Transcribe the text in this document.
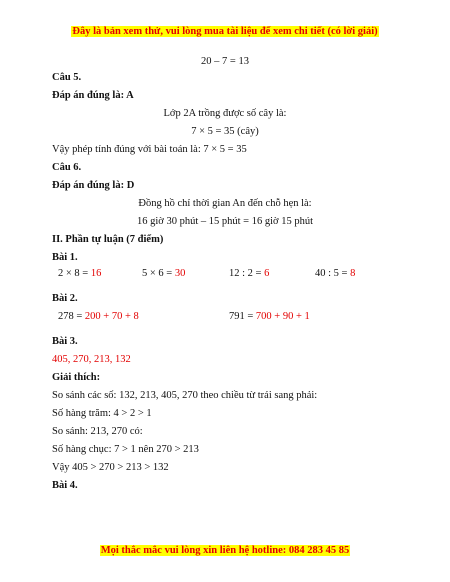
Đây là bản xem thử, vui lòng mua tài liệu để xem chi tiết (có lời giải)
20 – 7 = 13
Câu 5.
Đáp án đúng là: A
Lớp 2A trồng được số cây là:
7 × 5 = 35 (cây)
Vậy phép tính đúng với bài toán là: 7 × 5 = 35
Câu 6.
Đáp án đúng là: D
Đồng hồ chỉ thời gian An đến chỗ hẹn là:
16 giờ 30 phút – 15 phút = 16 giờ 15 phút
II. Phần tự luận (7 điểm)
Bài 1.
2 × 8 = 16	5 × 6 = 30	12 : 2 = 6	40 : 5 = 8
Bài 2.
278 = 200 + 70 + 8	791 = 700 + 90 + 1
Bài 3.
405, 270, 213, 132
Giải thích:
So sánh các số: 132, 213, 405, 270 theo chiều từ trái sang phải:
Số hàng trăm: 4 > 2 > 1
So sánh: 213, 270 có:
Số hàng chục: 7 > 1 nên 270 > 213
Vậy 405 > 270 > 213 > 132
Bài 4.
Mọi thắc mắc vui lòng xin liên hệ hotline: 084 283 45 85
